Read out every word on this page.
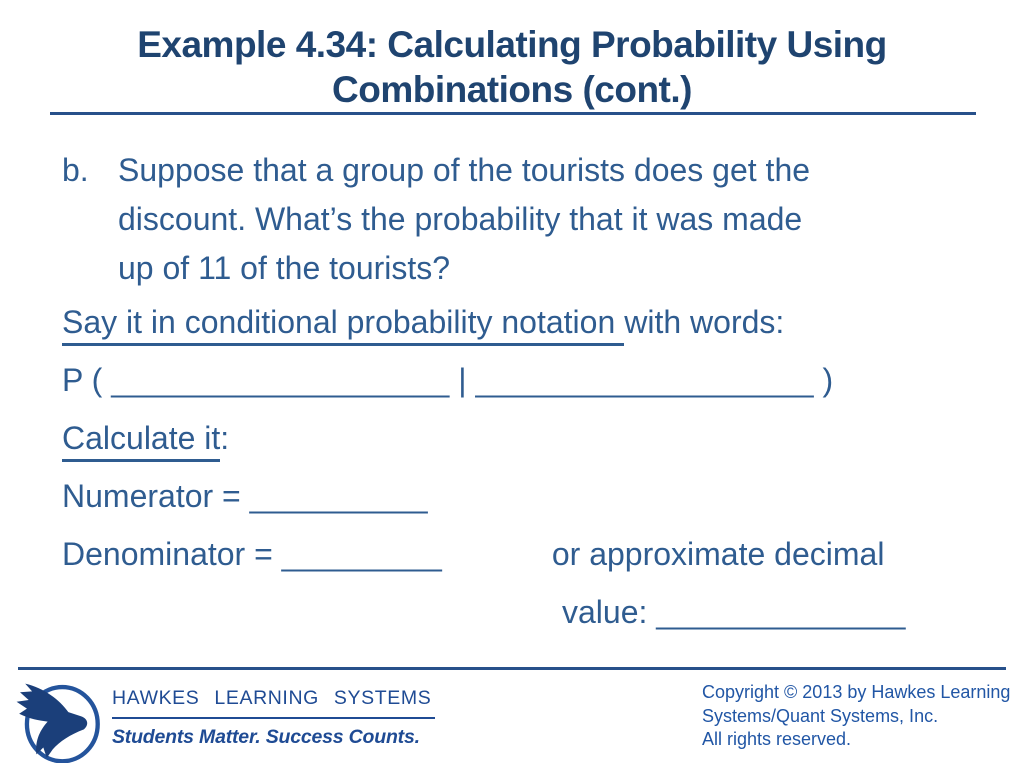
Example 4.34: Calculating Probability Using
Combinations (cont.)
b. Suppose that a group of the tourists does get the
discount. What’s the probability that it was made
up of 11 of the tourists?
Say it in conditional probability notation with words:
P ( ___________________ | ___________________ )
Calculate it:
Numerator = __________
Denominator = _________	or approximate decimal
value: ______________
HAWKES LEARNING SYSTEMS
Students Matter. Success Counts.
Copyright © 2013 by Hawkes Learning
Systems/Quant Systems, Inc.
All rights reserved.
